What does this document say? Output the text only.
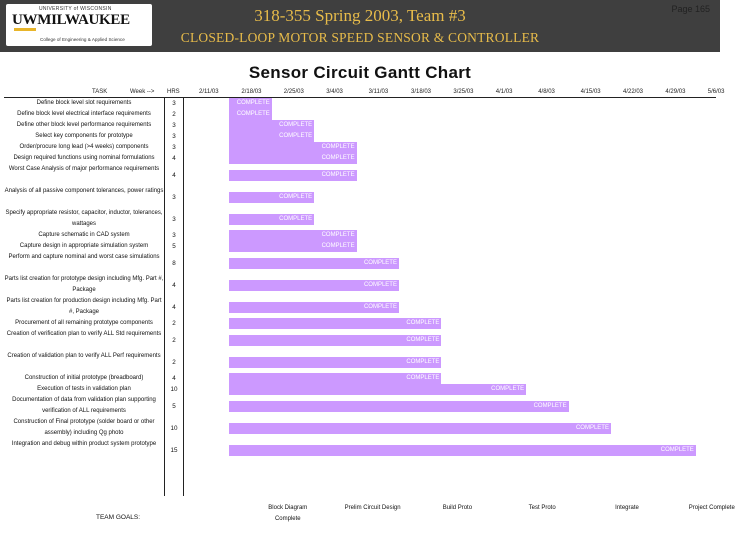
UNIVERSITY of WISCONSIN
UWMILWAUKEE
College of Engineering & Applied Science
318-355 Spring 2003, Team #3
CLOSED-LOOP MOTOR SPEED SENSOR & CONTROLLER
Page 165
Sensor Circuit Gantt Chart
TASK	Week --> HRS	2/11/03	2/18/03	2/25/03	3/4/03	3/11/03	3/18/03	3/25/03	4/1/03	4/8/03	4/15/03	4/22/03	4/29/03	5/6/03
Define block level slot requirements	3	COMPLETE
Define block level electrical interface requirements	2	COMPLETE
Define other block level performance requirements	3	COMPLETE
Select key components for prototype	3	COMPLETE
Order/procure long lead (>4 weeks) components	3	COMPLETE
Design required functions using nominal formulations	4	COMPLETE
Worst Case Analysis of major performance requirements
4	COMPLETE
Analysis of all passive component tolerances, power ratings
3	COMPLETE
Specify appropriate resistor, capacitor, inductor, tolerances, wattages
3	COMPLETE
Capture schematic in CAD system	3	COMPLETE
Capture design in appropriate simulation system	5	COMPLETE
Perform and capture nominal and worst case simulations
8	COMPLETE
Parts list creation for prototype design including Mfg. Part #, Package
4	COMPLETE
Parts list creation for production design including Mfg. Part #, Package
4	COMPLETE
Procurement of all remaining prototype components	2	COMPLETE
Creation of verification plan to verify ALL Std requirements
2	COMPLETE
Creation of validation plan to verify ALL Perf requirements
2	COMPLETE
Construction of initial prototype (breadboard)	4	COMPLETE
Execution of tests in validation plan	10	COMPLETE
Documentation of data from validation plan supporting verification of ALL requirements
5	COMPLETE
Construction of Final prototype (solder board or other assembly) including Qg photo
10	COMPLETE
Integration and debug within product system prototype
15	COMPLETE
Block Diagram Complete
Prelim Circuit Design	Build Proto	Test Proto	Integrate	Project Complete
TEAM GOALS:
